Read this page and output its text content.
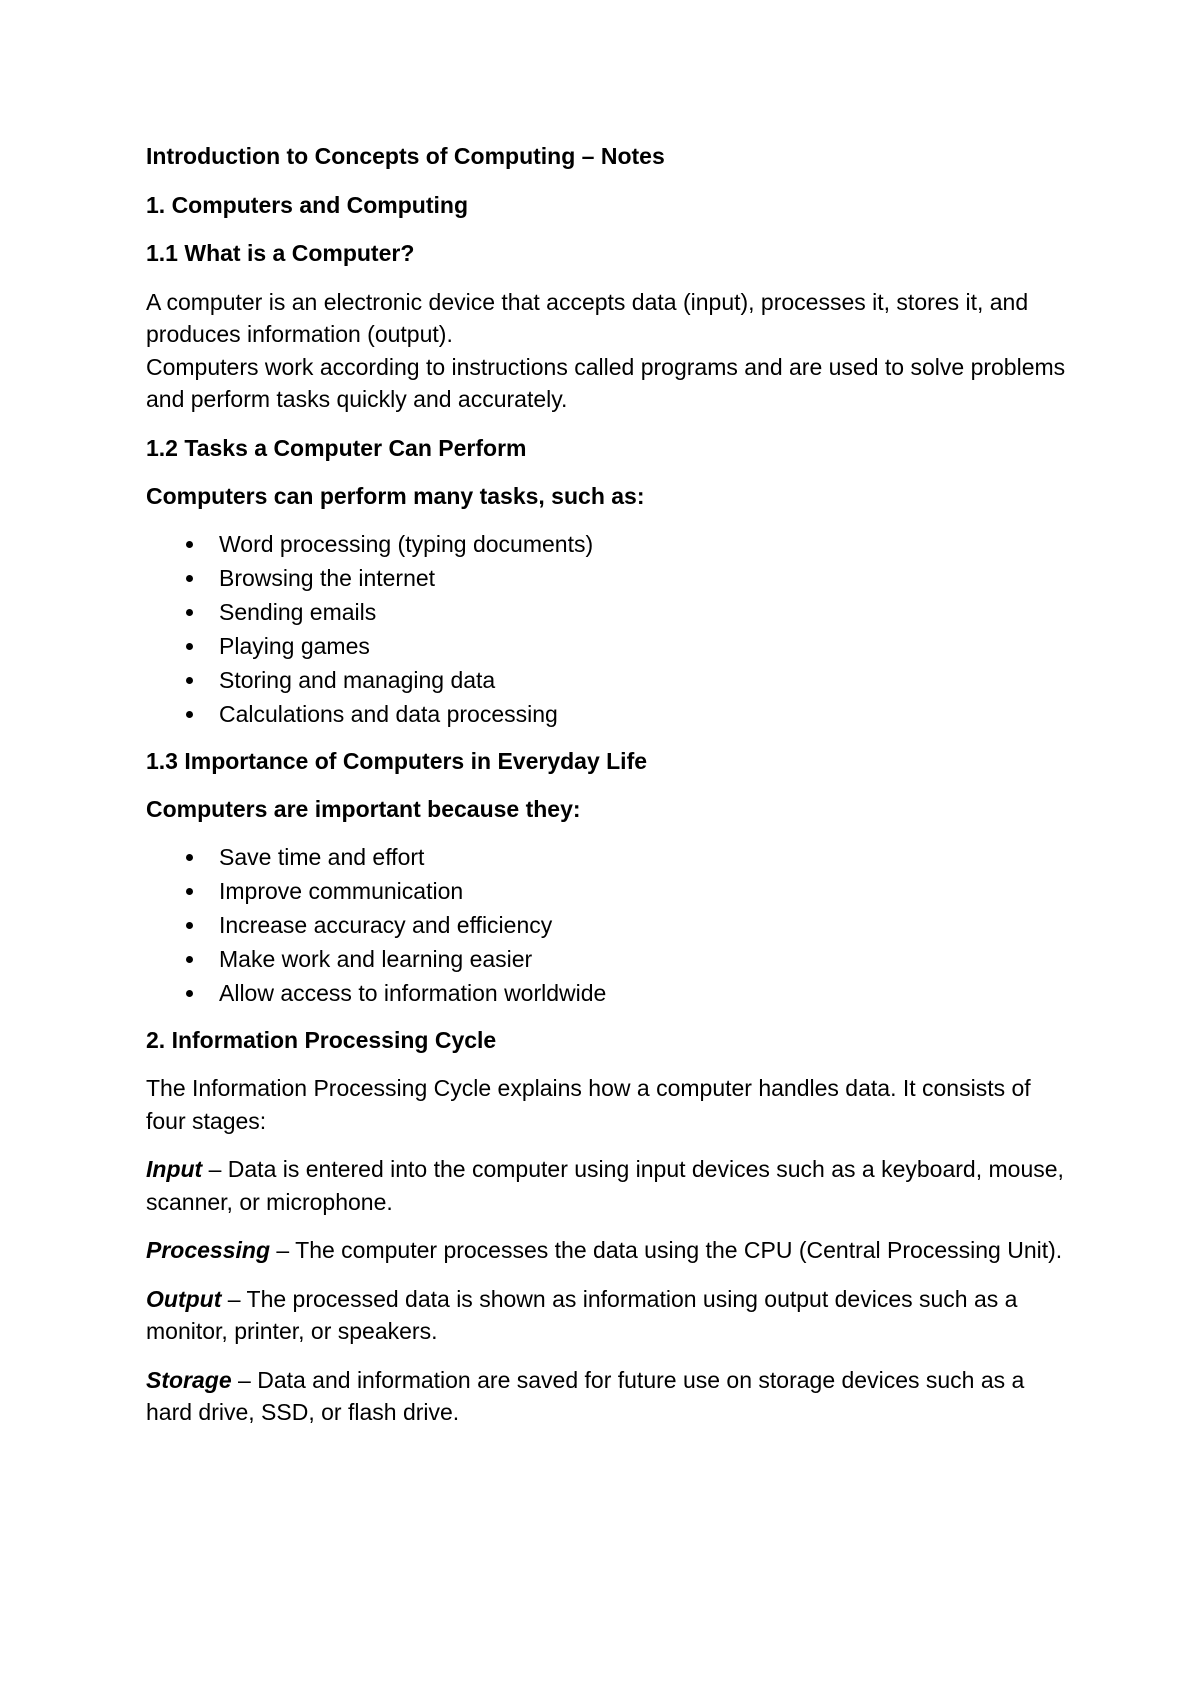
Introduction to Concepts of Computing – Notes

1. Computers and Computing

1.1 What is a Computer?

A computer is an electronic device that accepts data (input), processes it, stores it, and produces information (output).
Computers work according to instructions called programs and are used to solve problems and perform tasks quickly and accurately.

1.2 Tasks a Computer Can Perform

Computers can perform many tasks, such as:

Word processing (typing documents)
Browsing the internet
Sending emails
Playing games
Storing and managing data
Calculations and data processing

1.3 Importance of Computers in Everyday Life

Computers are important because they:

Save time and effort
Improve communication
Increase accuracy and efficiency
Make work and learning easier
Allow access to information worldwide

2. Information Processing Cycle

The Information Processing Cycle explains how a computer handles data. It consists of four stages:

Input – Data is entered into the computer using input devices such as a keyboard, mouse, scanner, or microphone.

Processing – The computer processes the data using the CPU (Central Processing Unit).

Output – The processed data is shown as information using output devices such as a monitor, printer, or speakers.

Storage – Data and information are saved for future use on storage devices such as a hard drive, SSD, or flash drive.
